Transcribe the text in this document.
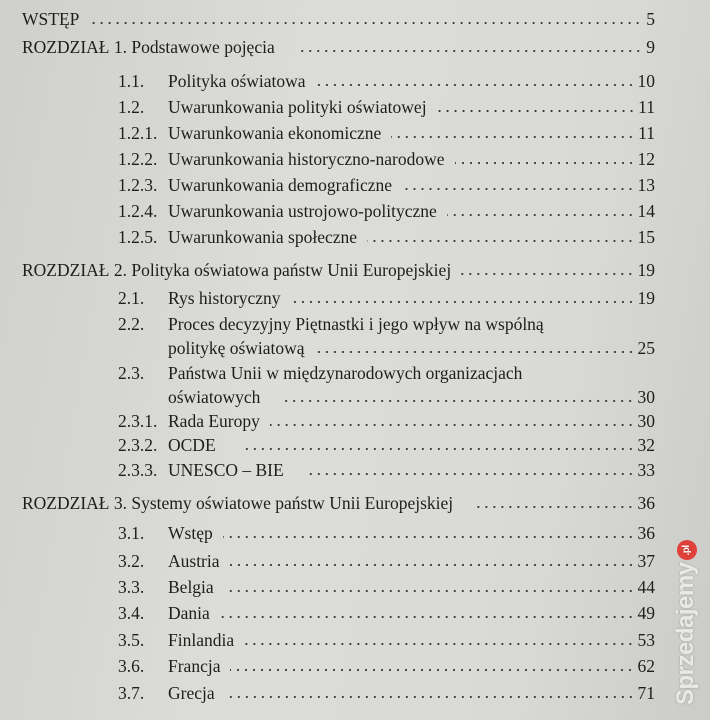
WSTĘP	5
ROZDZIAŁ 1. Podstawowe pojęcia	9
1.1.	Polityka oświatowa	10
1.2.	Uwarunkowania polityki oświatowej	11
1.2.1. Uwarunkowania ekonomiczne	11
1.2.2. Uwarunkowania historyczno-narodowe	12
1.2.3. Uwarunkowania demograficzne	13
1.2.4. Uwarunkowania ustrojowo-polityczne	14
1.2.5. Uwarunkowania społeczne	15
ROZDZIAŁ 2. Polityka oświatowa państw Unii Europejskiej	19
2.1.	Rys historyczny	19
2.2. Proces decyzyjny Piętnastki i jego wpływ na wspólną
politykę oświatową	25
2.3. Państwa Unii w międzynarodowych organizacjach
oświatowych	30
2.3.1. Rada Europy	30
2.3.2. OCDE	32
2.3.3. UNESCO – BIE	33
ROZDZIAŁ 3. Systemy oświatowe państw Unii Europejskiej	36
3.1.	Wstęp	36
3.2.	Austria	37
3.3.	Belgia	44
3.4.	Dania	49
3.5.	Finlandia	53
3.6.	Francja	62
3.7.	Grecja	71 Sprzedajemy.pl
